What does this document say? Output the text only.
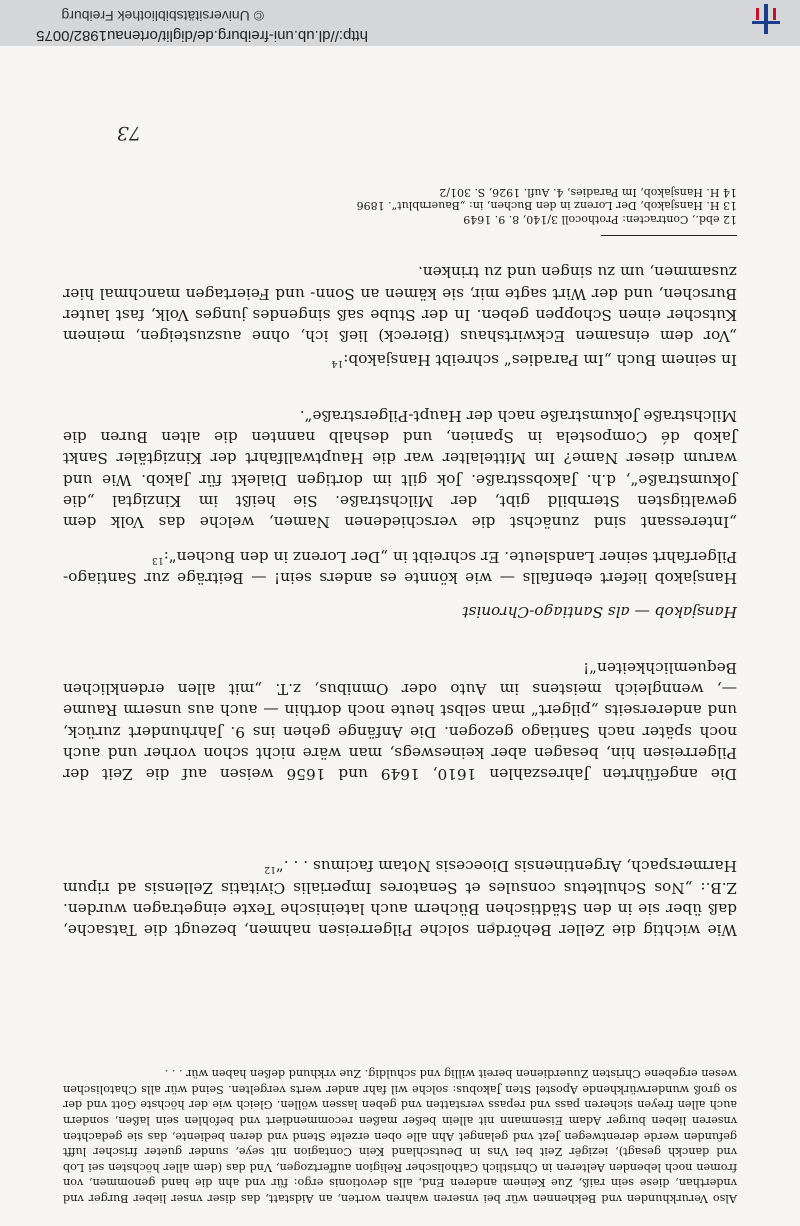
Also Verurkhunden vnd Bekhennen wür bei vnseren wahren worten, an Aidstatt, das diser vnser lieber Burger vnd vnderthan, diese sein raiß, Zue Keinem anderen End, alls devotionis ergo: für vnd ahn die hand genommen, von fromen noch lebenden Aelteren in Christlich Catholischer Religion auffertzogen, Vnd das (dem aller höchsten sei Lob vnd danckh gesagt), iezigër Zeit bei Vns in Deutschland Kein Contagion nit seye, sunder gueter frischer lufft gefunden werde derentwegen Jezt vnd gelanget Ahn alle oben erzelte Stend vnd deren bediente, das sie gedachten vnseren lieben burger Adam Eisenmann nit allein beßer maßen recommendiert vnd befohlen sein laßen, sondern auch allen freyen sicheren pass vnd repass verstatten vnd geben lassen wöllen. Gleich wie der höchste Gott vnd der so groß wunderwürkhende Apostel Sten Jakobus: solche wil fahr ander werts vergelten. Seind wür alls Chatolischen wesen ergebene Christen Zuuerdienen bereit willig vnd schuldig. Zue vrkhund deßen haben wür . . .
Wie wichtig die Zeller Behörden solche Pilgerreisen nahmen, bezeugt die Tatsache, daß über sie in den Städtischen Büchern auch lateinische Texte eingetragen wurden. Z.B.: „Nos Schultetus consules et Senatores Imperialis Civitatis Zellensis ad ripum Harmerspach, Argentinensis Dioecesis Notam facimus . . .“$^{12}$
Die angeführten Jahreszahlen 1610, 1649 und 1656 weisen auf die Zeit der Pilgerreisen hin, besagen aber keineswegs, man wäre nicht schon vorher und auch noch später nach Santiago gezogen. Die Anfänge gehen ins 9. Jahrhundert zurück, und andererseits „pilgert“ man selbst heute noch dorthin — auch aus unserm Raume —, wenngleich meistens im Auto oder Omnibus, z.T. „mit allen erdenklichen Bequemlichkeiten“!
Hansjakob — als Santiago-Chronist
Hansjakob liefert ebenfalls — wie könnte es anders sein! — Beiträge zur Santiago-Pilgerfahrt seiner Landsleute. Er schreibt in „Der Lorenz in den Buchen“:$^{13}$
„Interessant sind zunächst die verschiedenen Namen, welche das Volk dem gewaltigsten Sternbild gibt, der Milchstraße. Sie heißt im Kinzigtal „die Jokumstraße“, d.h. Jakobsstraße. Jok gilt im dortigen Dialekt für Jakob. Wie und warum dieser Name? Im Mittelalter war die Hauptwallfahrt der Kinzigtäler Sankt Jakob dé Compostela in Spanien, und deshalb nannten die alten Buren die Milchstraße Jokumstraße nach der Haupt-Pilgerstraße“.
In seinem Buch „Im Paradies“ schreibt Hansjakob:$^{14}$
„Vor dem einsamen Eckwirtshaus (Biereck) ließ ich, ohne auszusteigen, meinem Kutscher einen Schoppen geben. In der Stube saß singendes junges Volk, fast lauter Burschen, und der Wirt sagte mir, sie kämen an Sonn- und Feiertagen manchmal hier zusammen, um zu singen und zu trinken.
12 ebd., Contracten: Prothocoll 3/140, 8. 9. 1649
13 H. Hansjakob, Der Lorenz in den Buchen, in: „Bauernblut“. 1896
14 H. Hansjakob, Im Paradies, 4. Aufl. 1926, S. 301/2
73
http://dl.ub.uni-freiburg.de/diglit/ortenau1982/0075
© Universitätsbibliothek Freiburg
